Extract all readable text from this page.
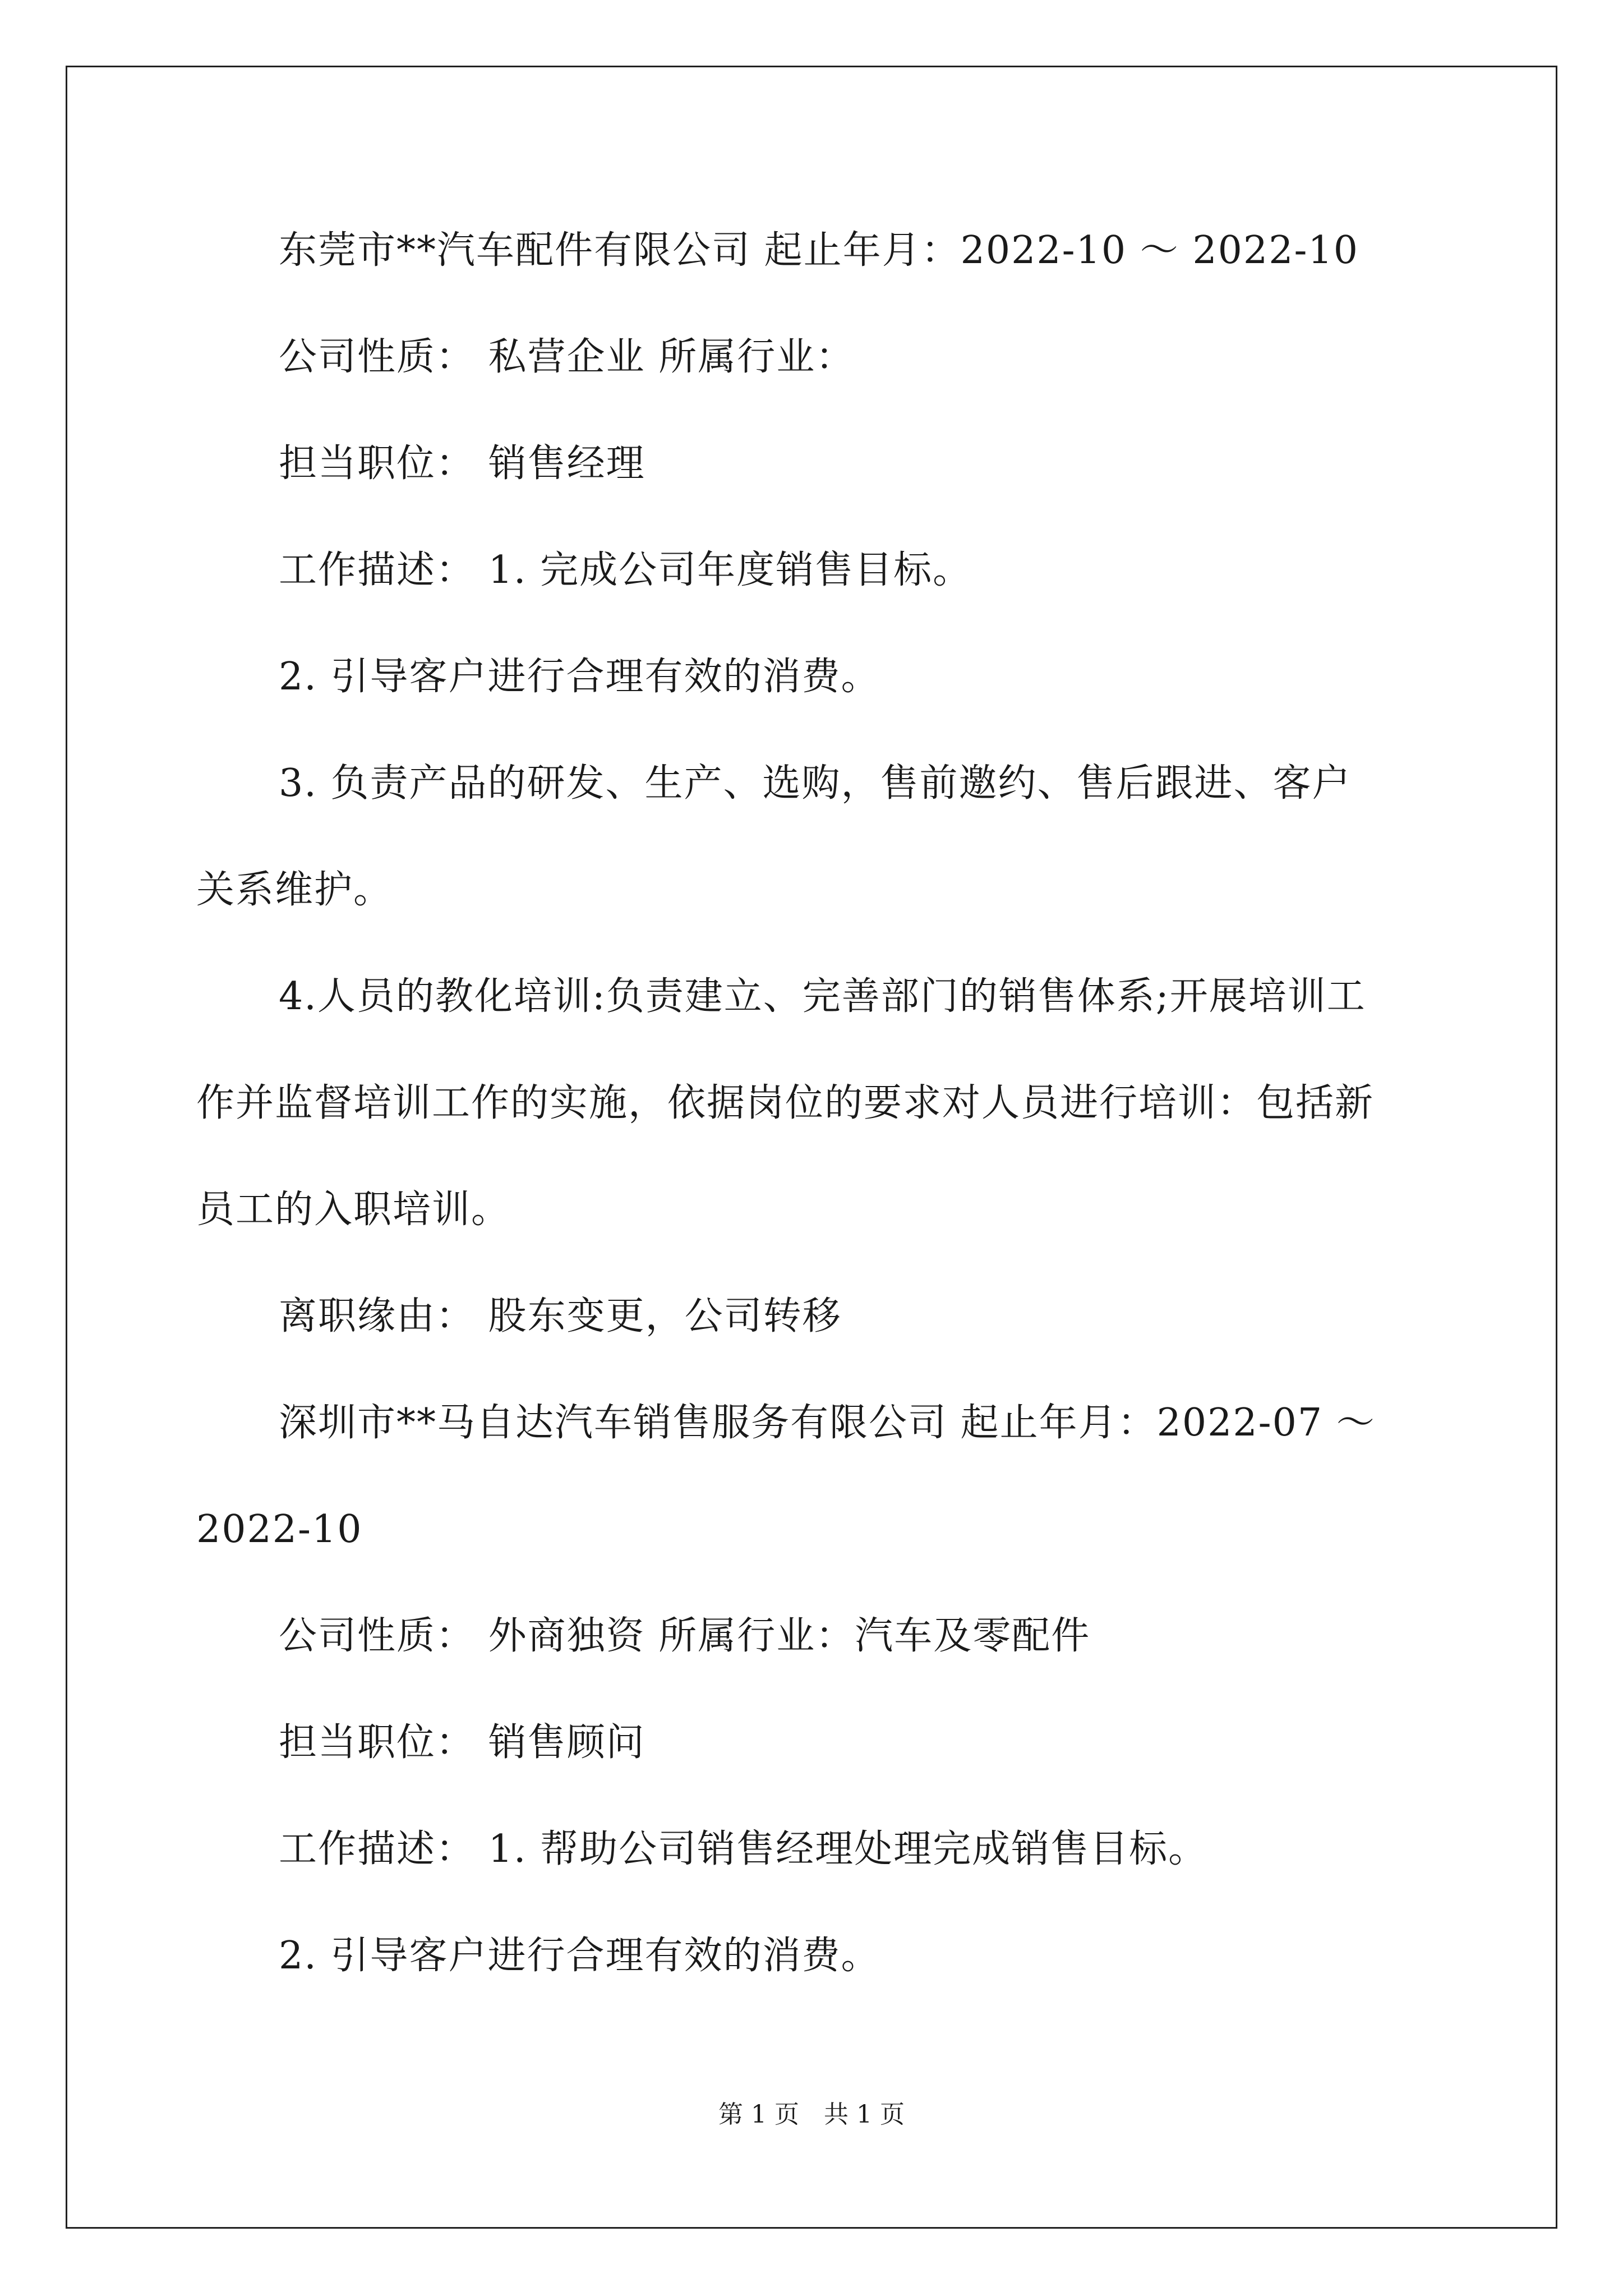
东莞市**汽车配件有限公司 起止年月：2022-10 ～ 2022-10
公司性质： 私营企业 所属行业：
担当职位： 销售经理
工作描述： 1. 完成公司年度销售目标。
2. 引导客户进行合理有效的消费。
3. 负责产品的研发、生产、选购，售前邀约、售后跟进、客户
关系维护。
4.人员的教化培训:负责建立、完善部门的销售体系;开展培训工
作并监督培训工作的实施，依据岗位的要求对人员进行培训：包括新
员工的入职培训。
离职缘由： 股东变更，公司转移
深圳市**马自达汽车销售服务有限公司 起止年月：2022-07 ～
2022-10
公司性质： 外商独资 所属行业：汽车及零配件
担当职位： 销售顾问
工作描述： 1. 帮助公司销售经理处理完成销售目标。
2. 引导客户进行合理有效的消费。
第 1 页　共 1 页
